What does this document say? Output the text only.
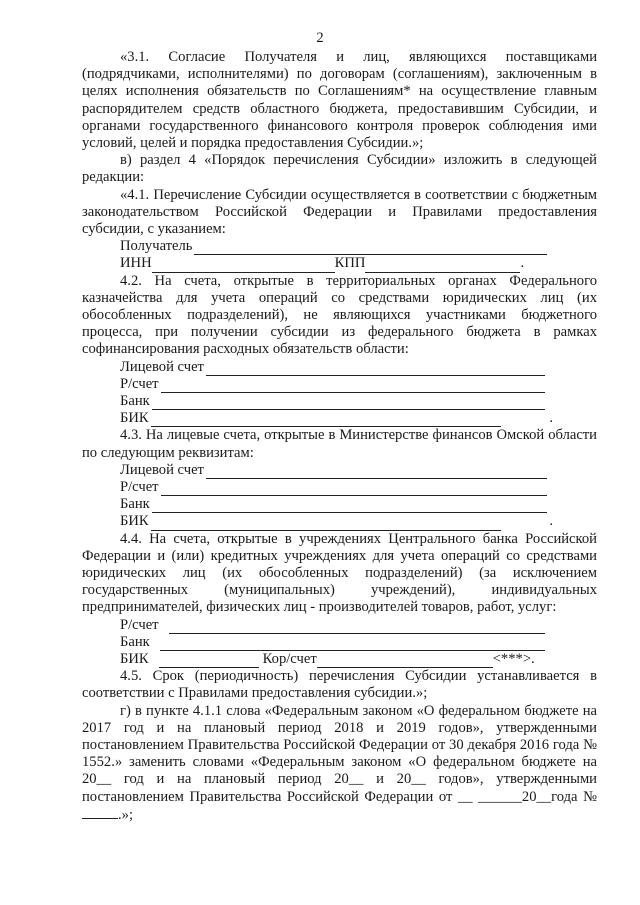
2

«3.1. Согласие Получателя и лиц, являющихся поставщиками (подрядчиками, исполнителями) по договорам (соглашениям), заключенным в целях исполнения обязательств по Соглашениям* на осуществление главным распорядителем средств областного бюджета, предоставившим Субсидии, и органами государственного финансового контроля проверок соблюдения ими условий, целей и порядка предоставления Субсидии.»;

в) раздел 4 «Порядок перечисления Субсидии» изложить в следующей редакции:

«4.1. Перечисление Субсидии осуществляется в соответствии с бюджетным законодательством Российской Федерации и Правилами предоставления субсидии, с указанием:

Получатель
ИНН	КПП	.

4.2. На счета, открытые в территориальных органах Федерального казначейства для учета операций со средствами юридических лиц (их обособленных подразделений), не являющихся участниками бюджетного процесса, при получении субсидии из федерального бюджета в рамках софинансирования расходных обязательств области:

Лицевой счет
Р/счет
Банк
БИК	.

4.3. На лицевые счета, открытые в Министерстве финансов Омской области по следующим реквизитам:

Лицевой счет
Р/счет
Банк
БИК	.

4.4. На счета, открытые в учреждениях Центрального банка Российской Федерации и (или) кредитных учреждениях для учета операций со средствами юридических лиц (их обособленных подразделений) (за исключением государственных (муниципальных) учреждений), индивидуальных предпринимателей, физических лиц - производителей товаров, работ, услуг:

Р/счет
Банк
БИК	Кор/счет	<***>.

4.5. Срок (периодичность) перечисления Субсидии устанавливается в соответствии с Правилами предоставления субсидии.»;

г) в пункте 4.1.1 слова «Федеральным законом «О федеральном бюджете на 2017 год и на плановый период 2018 и 2019 годов», утвержденными постановлением Правительства Российской Федерации от 30 декабря 2016 года № 1552.» заменить словами «Федеральным законом «О федеральном бюджете на 20__ год и на плановый период 20__ и 20__ годов», утвержденными постановлением Правительства Российской Федерации от __ ______20__года № .»;
